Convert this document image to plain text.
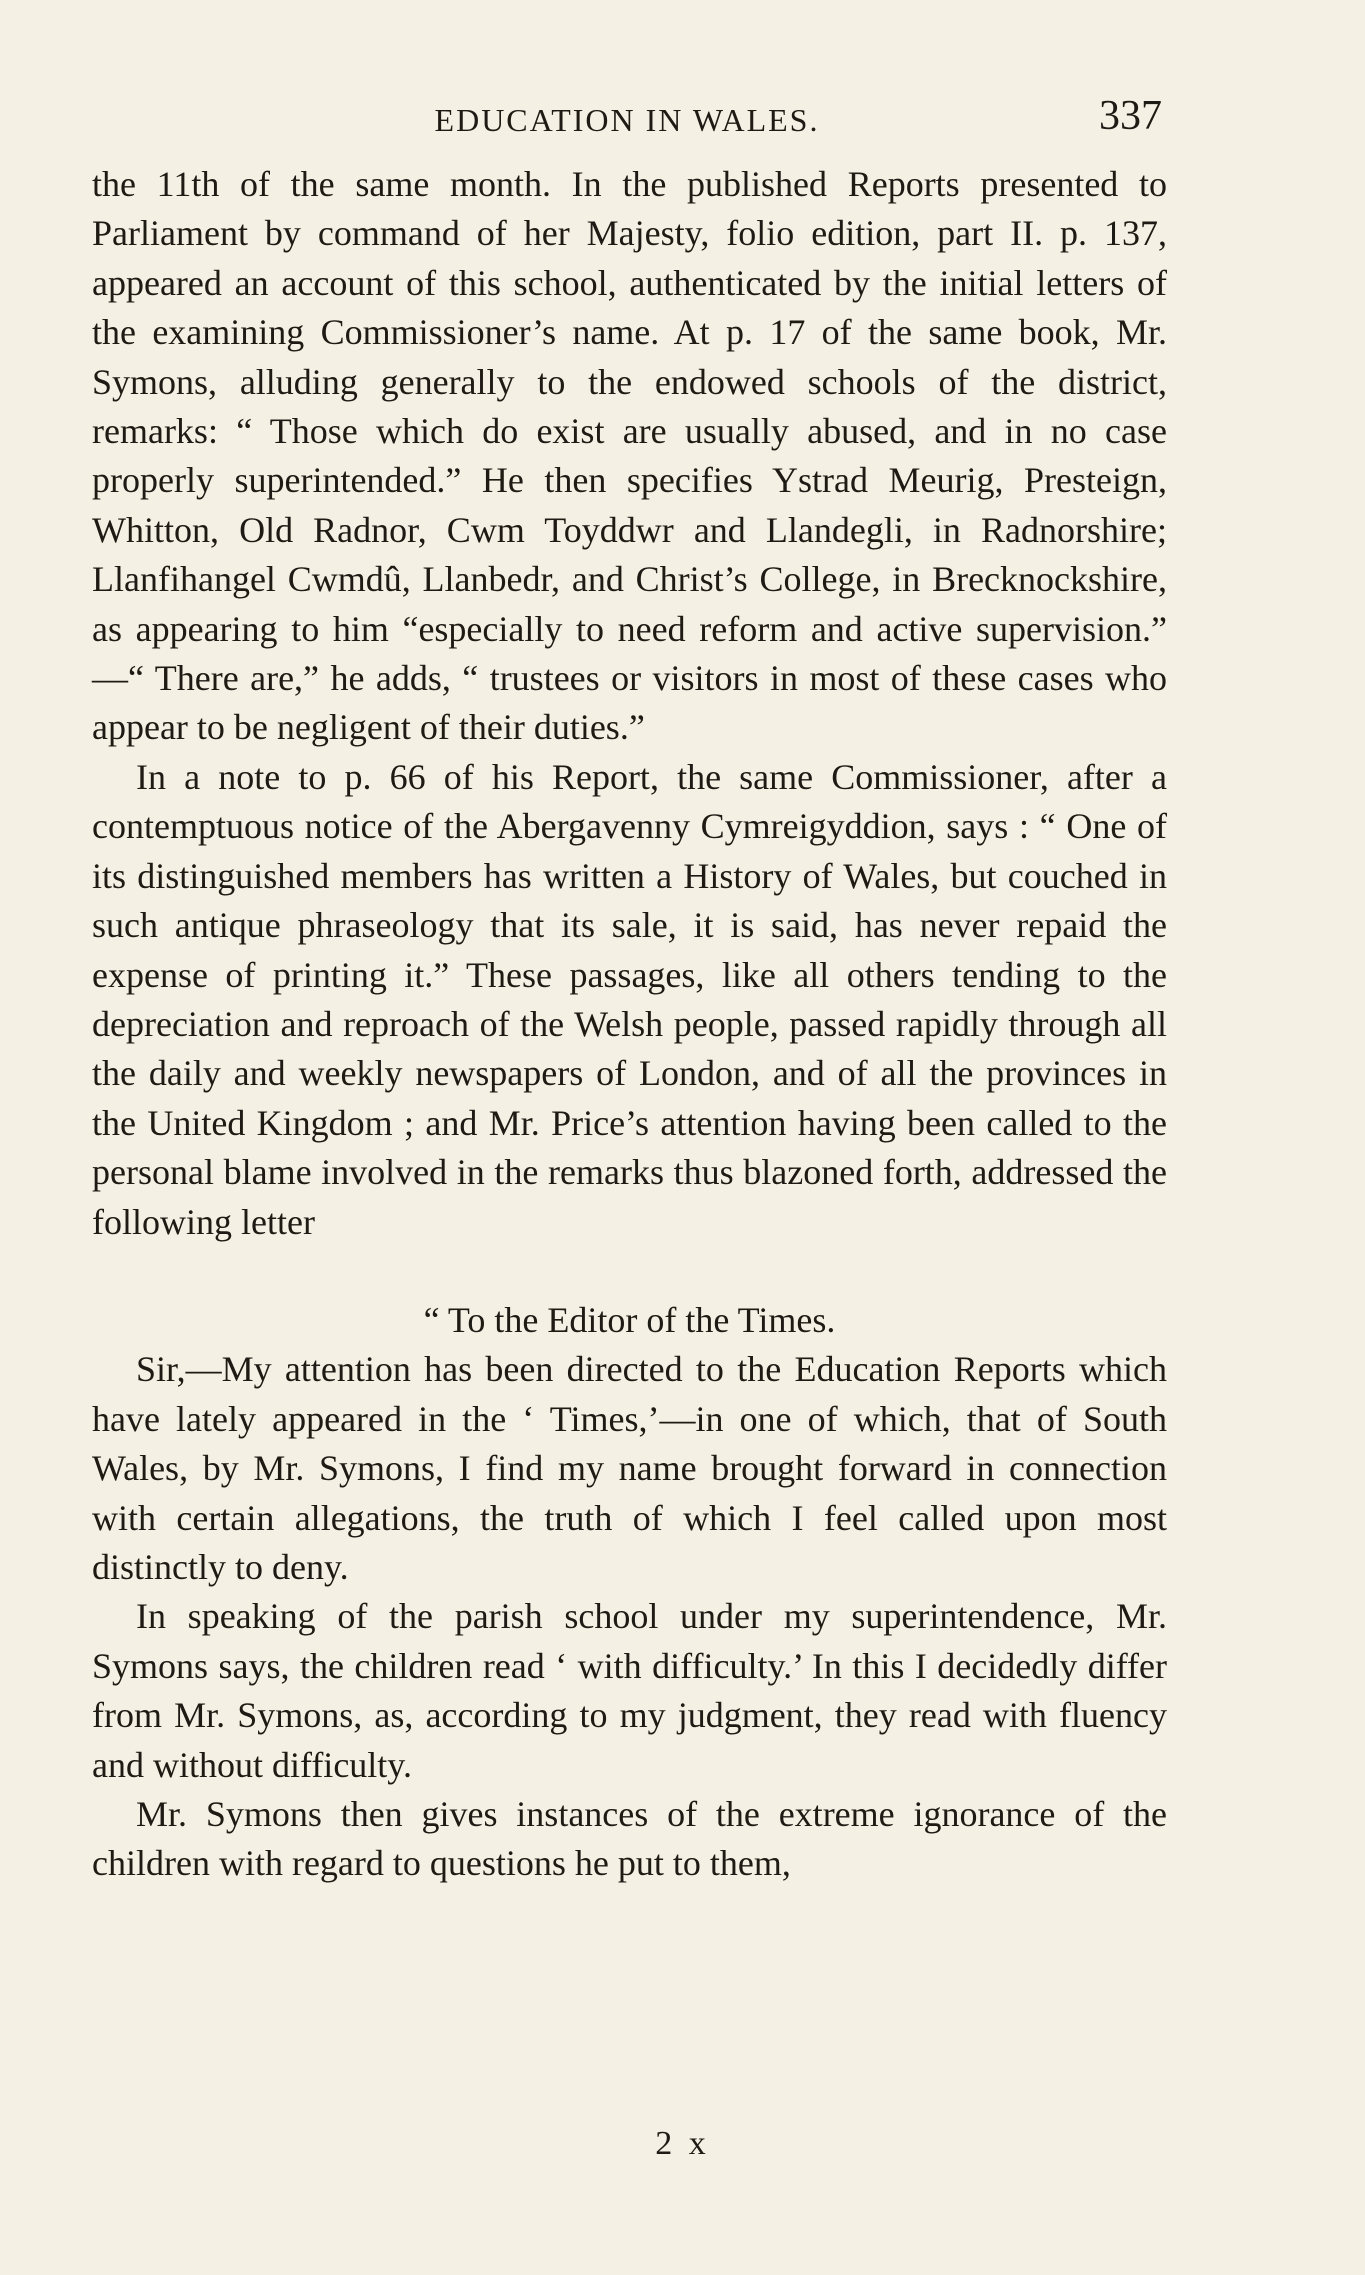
EDUCATION IN WALES.	337

the 11th of the same month. In the published Reports presented to Parliament by command of her Majesty, folio edition, part II. p. 137, appeared an account of this school, authenticated by the initial letters of the examining Commissioner’s name. At p. 17 of the same book, Mr. Symons, alluding generally to the endowed schools of the district, remarks: “ Those which do exist are usually abused, and in no case properly superintended.” He then specifies Ystrad Meurig, Presteign, Whitton, Old Radnor, Cwm Toyddwr and Llandegli, in Radnorshire; Llanfihangel Cwmdû, Llanbedr, and Christ’s College, in Brecknockshire, as appearing to him “especially to need reform and active supervision.” —“ There are,” he adds, “ trustees or visitors in most of these cases who appear to be negligent of their duties.”

In a note to p. 66 of his Report, the same Commissioner, after a contemptuous notice of the Abergavenny Cymreigyddion, says : “ One of its distinguished members has written a History of Wales, but couched in such antique phraseology that its sale, it is said, has never repaid the expense of printing it.” These passages, like all others tending to the depreciation and reproach of the Welsh people, passed rapidly through all the daily and weekly newspapers of London, and of all the provinces in the United Kingdom ; and Mr. Price’s attention having been called to the personal blame involved in the remarks thus blazoned forth, addressed the following letter

“ To the Editor of the Times.

Sir,—My attention has been directed to the Education Reports which have lately appeared in the ‘ Times,’—in one of which, that of South Wales, by Mr. Symons, I find my name brought forward in connection with certain allegations, the truth of which I feel called upon most distinctly to deny.

In speaking of the parish school under my superintendence, Mr. Symons says, the children read ‘ with difficulty.’ In this I decidedly differ from Mr. Symons, as, according to my judgment, they read with fluency and without difficulty.

Mr. Symons then gives instances of the extreme ignorance of the children with regard to questions he put to them,

2 x
